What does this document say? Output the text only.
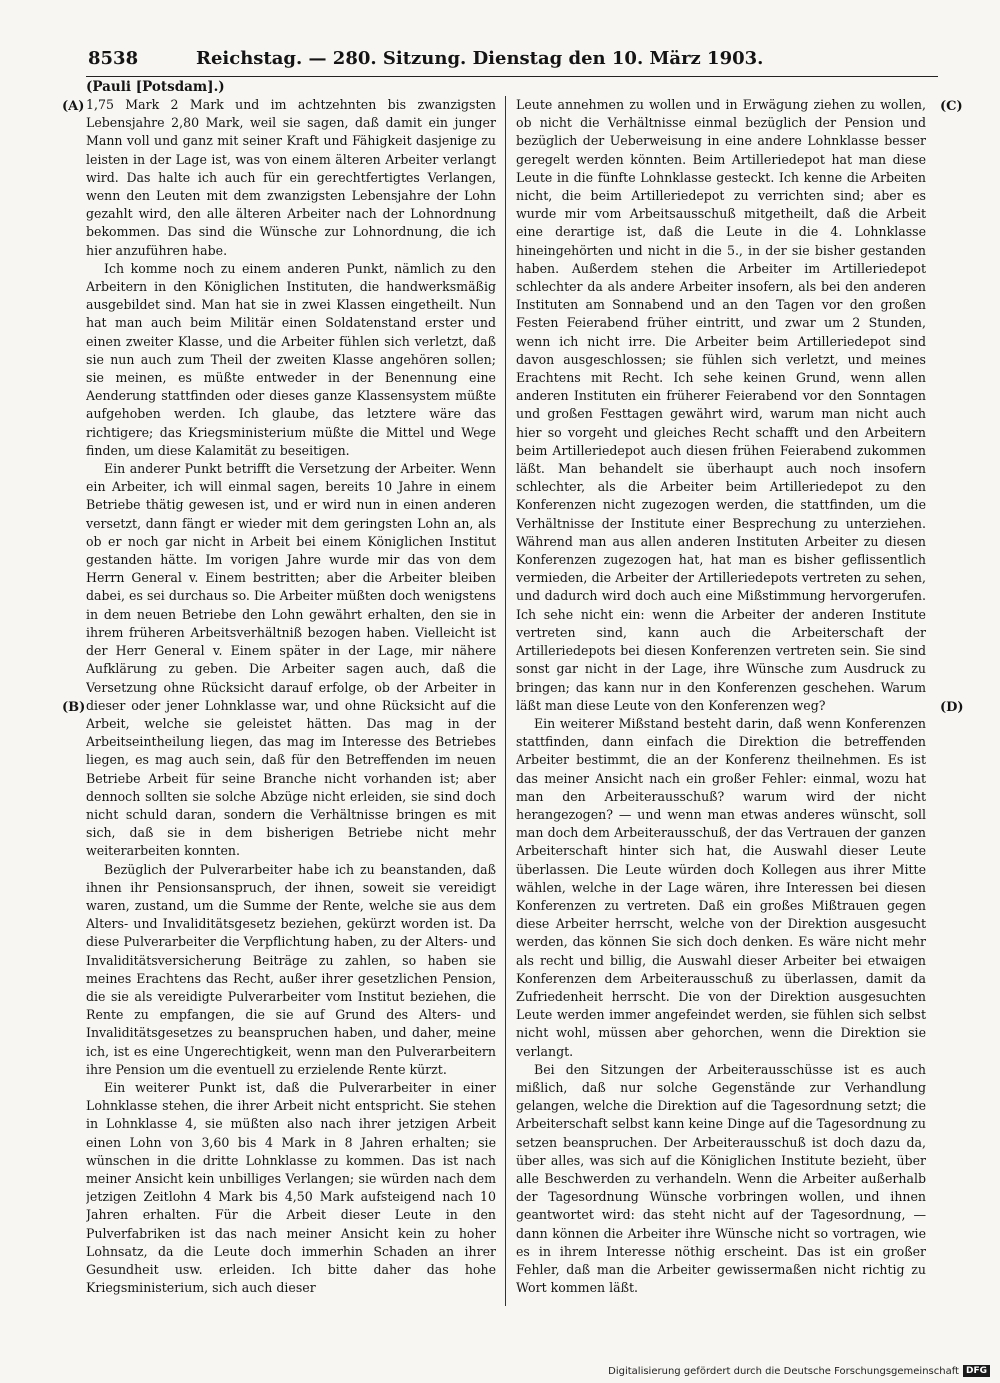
8538	Reichstag. — 280. Sitzung. Dienstag den 10. März 1903.
(Pauli [Potsdam].)
(A)
(B)
(C)
(D)

1,75 Mark 2 Mark und im achtzehnten bis zwanzigsten Lebensjahre 2,80 Mark, weil sie sagen, daß damit ein junger Mann voll und ganz mit seiner Kraft und Fähigkeit dasjenige zu leisten in der Lage ist, was von einem älteren Arbeiter verlangt wird. Das halte ich auch für ein gerechtfertigtes Verlangen, wenn den Leuten mit dem zwanzigsten Lebensjahre der Lohn gezahlt wird, den alle älteren Arbeiter nach der Lohnordnung bekommen. Das sind die Wünsche zur Lohnordnung, die ich hier anzuführen habe.

Ich komme noch zu einem anderen Punkt, nämlich zu den Arbeitern in den Königlichen Instituten, die handwerksmäßig ausgebildet sind. Man hat sie in zwei Klassen eingetheilt. Nun hat man auch beim Militär einen Soldatenstand erster und einen zweiter Klasse, und die Arbeiter fühlen sich verletzt, daß sie nun auch zum Theil der zweiten Klasse angehören sollen; sie meinen, es müßte entweder in der Benennung eine Aenderung stattfinden oder dieses ganze Klassensystem müßte aufgehoben werden. Ich glaube, das letztere wäre das richtigere; das Kriegsministerium müßte die Mittel und Wege finden, um diese Kalamität zu beseitigen.

Ein anderer Punkt betrifft die Versetzung der Arbeiter. Wenn ein Arbeiter, ich will einmal sagen, bereits 10 Jahre in einem Betriebe thätig gewesen ist, und er wird nun in einen anderen versetzt, dann fängt er wieder mit dem geringsten Lohn an, als ob er noch gar nicht in Arbeit bei einem Königlichen Institut gestanden hätte. Im vorigen Jahre wurde mir das von dem Herrn General v. Einem bestritten; aber die Arbeiter bleiben dabei, es sei durchaus so. Die Arbeiter müßten doch wenigstens in dem neuen Betriebe den Lohn gewährt erhalten, den sie in ihrem früheren Arbeitsverhältniß bezogen haben. Vielleicht ist der Herr General v. Einem später in der Lage, mir nähere Aufklärung zu geben. Die Arbeiter sagen auch, daß die Versetzung ohne Rücksicht darauf erfolge, ob der Arbeiter in dieser oder jener Lohnklasse war, und ohne Rücksicht auf die Arbeit, welche sie geleistet hätten. Das mag in der Arbeitseintheilung liegen, das mag im Interesse des Betriebes liegen, es mag auch sein, daß für den Betreffenden im neuen Betriebe Arbeit für seine Branche nicht vorhanden ist; aber dennoch sollten sie solche Abzüge nicht erleiden, sie sind doch nicht schuld daran, sondern die Verhältnisse bringen es mit sich, daß sie in dem bisherigen Betriebe nicht mehr weiterarbeiten konnten.

Bezüglich der Pulverarbeiter habe ich zu beanstanden, daß ihnen ihr Pensionsanspruch, der ihnen, soweit sie vereidigt waren, zustand, um die Summe der Rente, welche sie aus dem Alters- und Invaliditätsgesetz beziehen, gekürzt worden ist. Da diese Pulverarbeiter die Verpflichtung haben, zu der Alters- und Invaliditätsversicherung Beiträge zu zahlen, so haben sie meines Erachtens das Recht, außer ihrer gesetzlichen Pension, die sie als vereidigte Pulverarbeiter vom Institut beziehen, die Rente zu empfangen, die sie auf Grund des Alters- und Invaliditätsgesetzes zu beanspruchen haben, und daher, meine ich, ist es eine Ungerechtigkeit, wenn man den Pulverarbeitern ihre Pension um die eventuell zu erzielende Rente kürzt.

Ein weiterer Punkt ist, daß die Pulverarbeiter in einer Lohnklasse stehen, die ihrer Arbeit nicht entspricht. Sie stehen in Lohnklasse 4, sie müßten also nach ihrer jetzigen Arbeit einen Lohn von 3,60 bis 4 Mark in 8 Jahren erhalten; sie wünschen in die dritte Lohnklasse zu kommen. Das ist nach meiner Ansicht kein unbilliges Verlangen; sie würden nach dem jetzigen Zeitlohn 4 Mark bis 4,50 Mark aufsteigend nach 10 Jahren erhalten. Für die Arbeit dieser Leute in den Pulverfabriken ist das nach meiner Ansicht kein zu hoher Lohnsatz, da die Leute doch immerhin Schaden an ihrer Gesundheit usw. erleiden. Ich bitte daher das hohe Kriegsministerium, sich auch dieser

Leute annehmen zu wollen und in Erwägung ziehen zu wollen, ob nicht die Verhältnisse einmal bezüglich der Pension und bezüglich der Ueberweisung in eine andere Lohnklasse besser geregelt werden könnten. Beim Artilleriedepot hat man diese Leute in die fünfte Lohnklasse gesteckt. Ich kenne die Arbeiten nicht, die beim Artilleriedepot zu verrichten sind; aber es wurde mir vom Arbeitsausschuß mitgetheilt, daß die Arbeit eine derartige ist, daß die Leute in die 4. Lohnklasse hineingehörten und nicht in die 5., in der sie bisher gestanden haben. Außerdem stehen die Arbeiter im Artilleriedepot schlechter da als andere Arbeiter insofern, als bei den anderen Instituten am Sonnabend und an den Tagen vor den großen Festen Feierabend früher eintritt, und zwar um 2 Stunden, wenn ich nicht irre. Die Arbeiter beim Artilleriedepot sind davon ausgeschlossen; sie fühlen sich verletzt, und meines Erachtens mit Recht. Ich sehe keinen Grund, wenn allen anderen Instituten ein früherer Feierabend vor den Sonntagen und großen Festtagen gewährt wird, warum man nicht auch hier so vorgeht und gleiches Recht schafft und den Arbeitern beim Artilleriedepot auch diesen frühen Feierabend zukommen läßt. Man behandelt sie überhaupt auch noch insofern schlechter, als die Arbeiter beim Artilleriedepot zu den Konferenzen nicht zugezogen werden, die stattfinden, um die Verhältnisse der Institute einer Besprechung zu unterziehen. Während man aus allen anderen Instituten Arbeiter zu diesen Konferenzen zugezogen hat, hat man es bisher geflissentlich vermieden, die Arbeiter der Artilleriedepots vertreten zu sehen, und dadurch wird doch auch eine Mißstimmung hervorgerufen. Ich sehe nicht ein: wenn die Arbeiter der anderen Institute vertreten sind, kann auch die Arbeiterschaft der Artilleriedepots bei diesen Konferenzen vertreten sein. Sie sind sonst gar nicht in der Lage, ihre Wünsche zum Ausdruck zu bringen; das kann nur in den Konferenzen geschehen. Warum läßt man diese Leute von den Konferenzen weg?

Ein weiterer Mißstand besteht darin, daß wenn Konferenzen stattfinden, dann einfach die Direktion die betreffenden Arbeiter bestimmt, die an der Konferenz theilnehmen. Es ist das meiner Ansicht nach ein großer Fehler: einmal, wozu hat man den Arbeiterausschuß? warum wird der nicht herangezogen? — und wenn man etwas anderes wünscht, soll man doch dem Arbeiterausschuß, der das Vertrauen der ganzen Arbeiterschaft hinter sich hat, die Auswahl dieser Leute überlassen. Die Leute würden doch Kollegen aus ihrer Mitte wählen, welche in der Lage wären, ihre Interessen bei diesen Konferenzen zu vertreten. Daß ein großes Mißtrauen gegen diese Arbeiter herrscht, welche von der Direktion ausgesucht werden, das können Sie sich doch denken. Es wäre nicht mehr als recht und billig, die Auswahl dieser Arbeiter bei etwaigen Konferenzen dem Arbeiterausschuß zu überlassen, damit da Zufriedenheit herrscht. Die von der Direktion ausgesuchten Leute werden immer angefeindet werden, sie fühlen sich selbst nicht wohl, müssen aber gehorchen, wenn die Direktion sie verlangt.

Bei den Sitzungen der Arbeiterausschüsse ist es auch mißlich, daß nur solche Gegenstände zur Verhandlung gelangen, welche die Direktion auf die Tagesordnung setzt; die Arbeiterschaft selbst kann keine Dinge auf die Tagesordnung zu setzen beanspruchen. Der Arbeiterausschuß ist doch dazu da, über alles, was sich auf die Königlichen Institute bezieht, über alle Beschwerden zu verhandeln. Wenn die Arbeiter außerhalb der Tagesordnung Wünsche vorbringen wollen, und ihnen geantwortet wird: das steht nicht auf der Tagesordnung, — dann können die Arbeiter ihre Wünsche nicht so vortragen, wie es in ihrem Interesse nöthig erscheint. Das ist ein großer Fehler, daß man die Arbeiter gewissermaßen nicht richtig zu Wort kommen läßt.

Digitalisierung gefördert durch die Deutsche Forschungsgemeinschaft DFG
